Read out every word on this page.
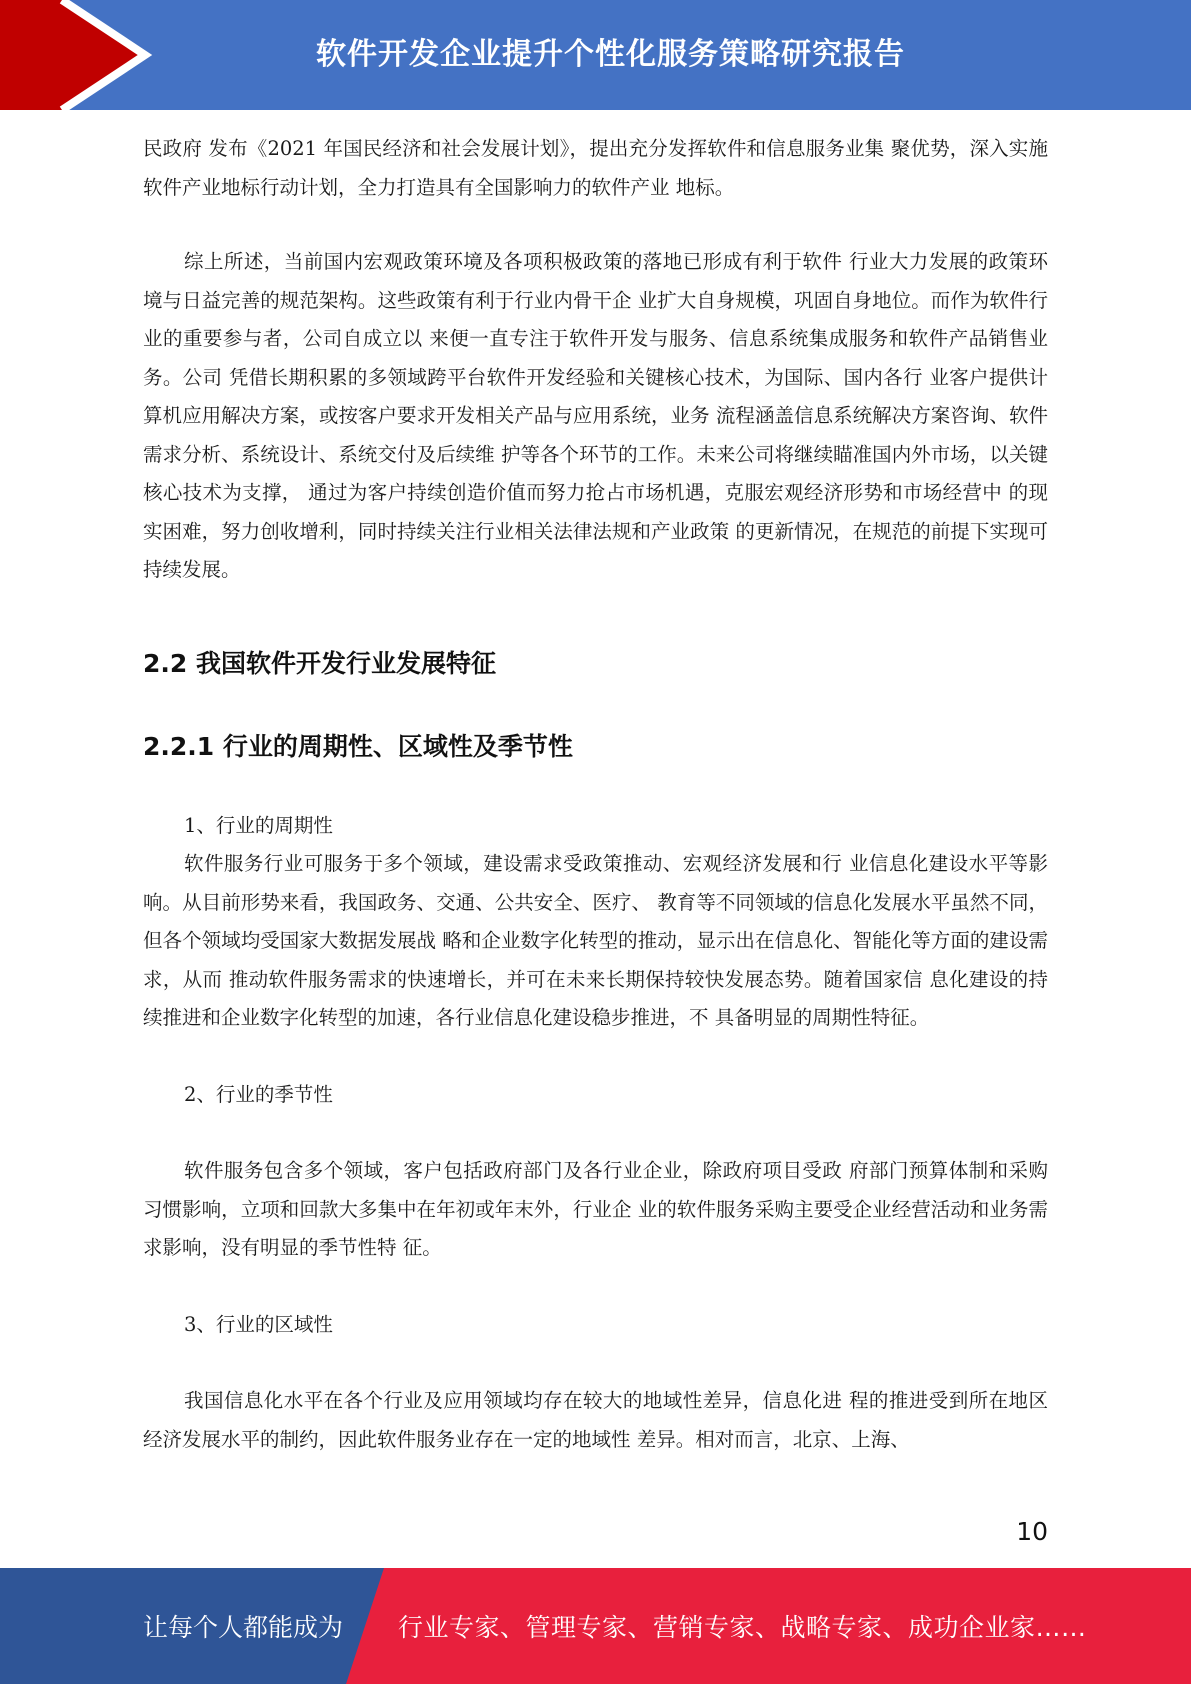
软件开发企业提升个性化服务策略研究报告

民政府 发布《2021 年国民经济和社会发展计划》，提出充分发挥软件和信息服务业集 聚优势，深入实施软件产业地标行动计划，全力打造具有全国影响力的软件产业 地标。

综上所述，当前国内宏观政策环境及各项积极政策的落地已形成有利于软件 行业大力发展的政策环境与日益完善的规范架构。这些政策有利于行业内骨干企 业扩大自身规模，巩固自身地位。而作为软件行业的重要参与者，公司自成立以 来便一直专注于软件开发与服务、信息系统集成服务和软件产品销售业务。公司 凭借长期积累的多领域跨平台软件开发经验和关键核心技术，为国际、国内各行 业客户提供计算机应用解决方案，或按客户要求开发相关产品与应用系统，业务 流程涵盖信息系统解决方案咨询、软件需求分析、系统设计、系统交付及后续维 护等各个环节的工作。未来公司将继续瞄准国内外市场，以关键核心技术为支撑， 通过为客户持续创造价值而努力抢占市场机遇，克服宏观经济形势和市场经营中 的现实困难，努力创收增利，同时持续关注行业相关法律法规和产业政策 的更新情况，在规范的前提下实现可持续发展。

2.2 我国软件开发行业发展特征
2.2.1 行业的周期性、区域性及季节性

1、行业的周期性

软件服务行业可服务于多个领域，建设需求受政策推动、宏观经济发展和行 业信息化建设水平等影响。从目前形势来看，我国政务、交通、公共安全、医疗、 教育等不同领域的信息化发展水平虽然不同，但各个领域均受国家大数据发展战 略和企业数字化转型的推动，显示出在信息化、智能化等方面的建设需求，从而 推动软件服务需求的快速增长，并可在未来长期保持较快发展态势。随着国家信 息化建设的持续推进和企业数字化转型的加速，各行业信息化建设稳步推进，不 具备明显的周期性特征。

2、行业的季节性

软件服务包含多个领域，客户包括政府部门及各行业企业，除政府项目受政 府部门预算体制和采购习惯影响，立项和回款大多集中在年初或年末外，行业企 业的软件服务采购主要受企业经营活动和业务需求影响，没有明显的季节性特 征。

3、行业的区域性

我国信息化水平在各个行业及应用领域均存在较大的地域性差异，信息化进 程的推进受到所在地区经济发展水平的制约，因此软件服务业存在一定的地域性 差异。相对而言，北京、上海、

10
让每个人都能成为 行业专家、管理专家、营销专家、战略专家、成功企业家……
